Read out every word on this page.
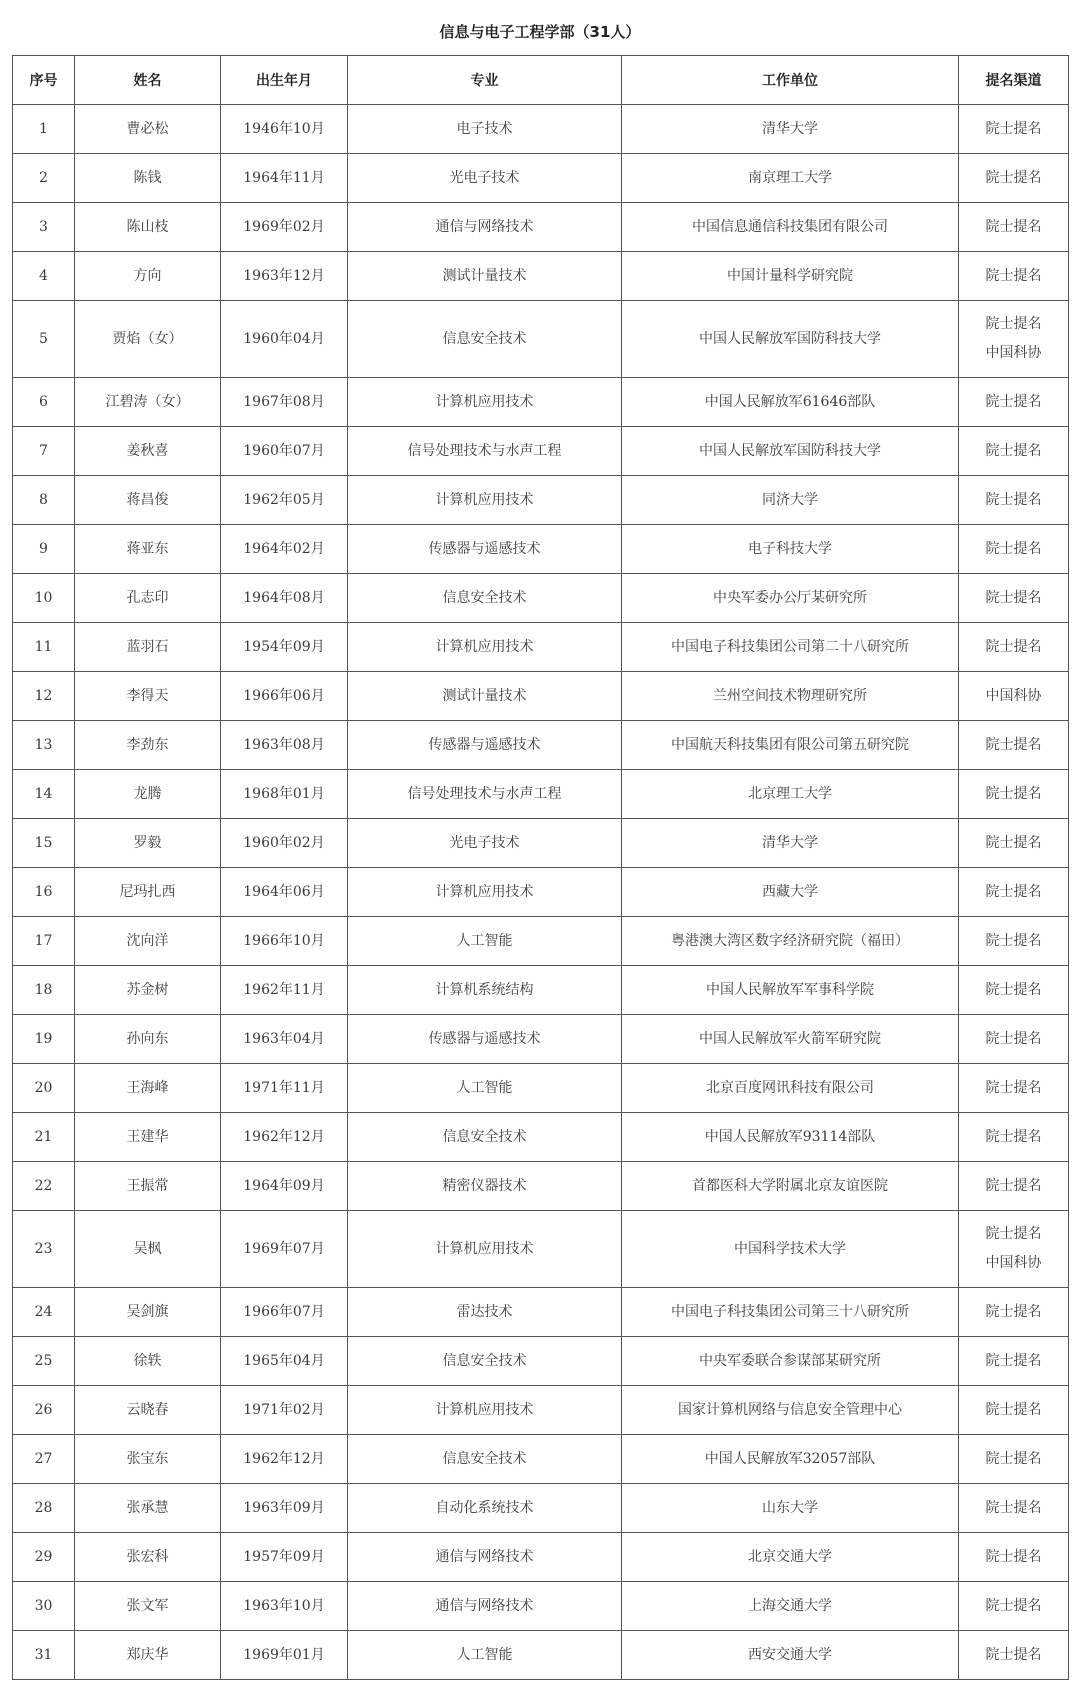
信息与电子工程学部（31人）
序号	姓名	出生年月	专业	工作单位	提名渠道
1	曹必松	1946年10月	电子技术	清华大学	院士提名

2	陈钱	1964年11月	光电子技术	南京理工大学	院士提名

3	陈山枝	1969年02月	通信与网络技术	中国信息通信科技集团有限公司	院士提名

4	方向	1963年12月	测试计量技术	中国计量科学研究院	院士提名

5	贾焰（女）	1960年04月	信息安全技术	中国人民解放军国防科技大学	院士提名
中国科协

6	江碧涛（女）	1967年08月	计算机应用技术	中国人民解放军61646部队	院士提名

7	姜秋喜	1960年07月	信号处理技术与水声工程	中国人民解放军国防科技大学	院士提名

8	蒋昌俊	1962年05月	计算机应用技术	同济大学	院士提名

9	蒋亚东	1964年02月	传感器与遥感技术	电子科技大学	院士提名

10	孔志印	1964年08月	信息安全技术	中央军委办公厅某研究所	院士提名

11	蓝羽石	1954年09月	计算机应用技术	中国电子科技集团公司第二十八研究所	院士提名

12	李得天	1966年06月	测试计量技术	兰州空间技术物理研究所	中国科协

13	李劲东	1963年08月	传感器与遥感技术	中国航天科技集团有限公司第五研究院	院士提名

14	龙腾	1968年01月	信号处理技术与水声工程	北京理工大学	院士提名

15	罗毅	1960年02月	光电子技术	清华大学	院士提名

16	尼玛扎西	1964年06月	计算机应用技术	西藏大学	院士提名

17	沈向洋	1966年10月	人工智能	粤港澳大湾区数字经济研究院（福田）	院士提名

18	苏金树	1962年11月	计算机系统结构	中国人民解放军军事科学院	院士提名

19	孙向东	1963年04月	传感器与遥感技术	中国人民解放军火箭军研究院	院士提名

20	王海峰	1971年11月	人工智能	北京百度网讯科技有限公司	院士提名

21	王建华	1962年12月	信息安全技术	中国人民解放军93114部队	院士提名

22	王振常	1964年09月	精密仪器技术	首都医科大学附属北京友谊医院	院士提名

23	吴枫	1969年07月	计算机应用技术	中国科学技术大学	院士提名
中国科协

24	吴剑旗	1966年07月	雷达技术	中国电子科技集团公司第三十八研究所	院士提名

25	徐轶	1965年04月	信息安全技术	中央军委联合参谋部某研究所	院士提名

26	云晓春	1971年02月	计算机应用技术	国家计算机网络与信息安全管理中心	院士提名

27	张宝东	1962年12月	信息安全技术	中国人民解放军32057部队	院士提名

28	张承慧	1963年09月	自动化系统技术	山东大学	院士提名

29	张宏科	1957年09月	通信与网络技术	北京交通大学	院士提名

30	张文军	1963年10月	通信与网络技术	上海交通大学	院士提名

31	郑庆华	1969年01月	人工智能	西安交通大学	院士提名
